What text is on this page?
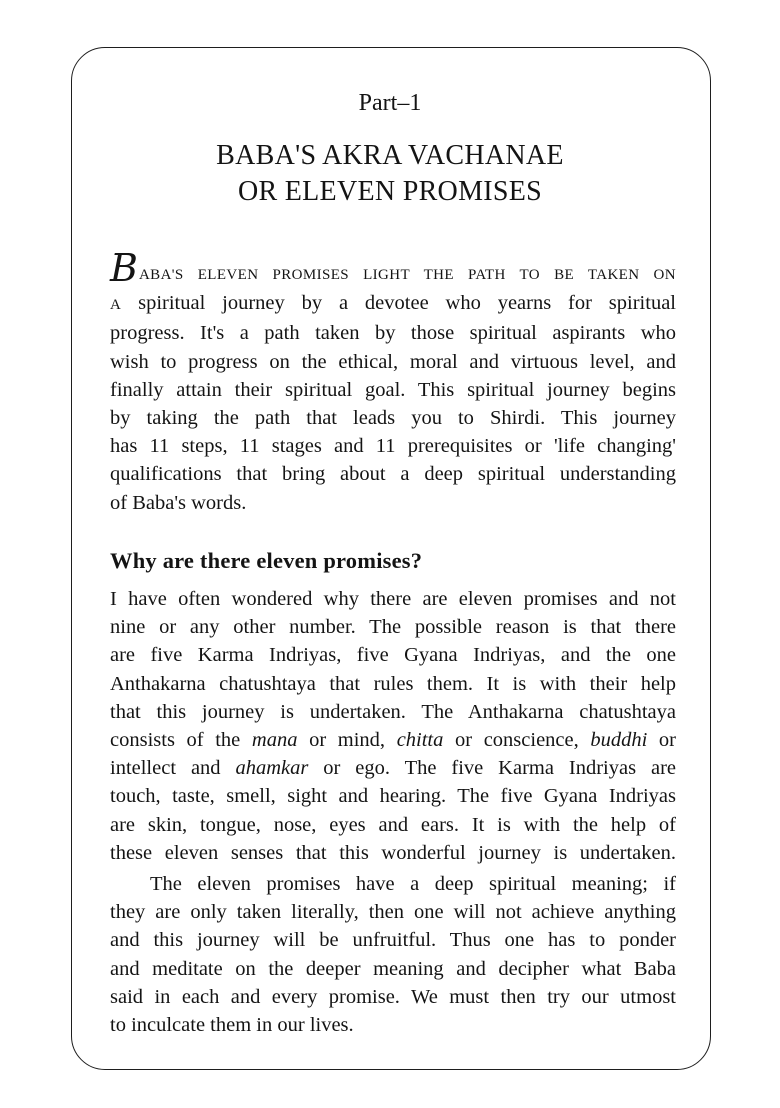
Part–1
BABA'S AKRA VACHANAE
OR ELEVEN PROMISES
BABA'S ELEVEN PROMISES LIGHT THE PATH TO BE TAKEN ON
A spiritual journey by a devotee who yearns for spiritual
progress. It's a path taken by those spiritual aspirants who
wish to progress on the ethical, moral and virtuous level, and
finally attain their spiritual goal. This spiritual journey begins
by taking the path that leads you to Shirdi. This journey
has 11 steps, 11 stages and 11 prerequisites or 'life changing'
qualifications that bring about a deep spiritual understanding
of Baba's words.
Why are there eleven promises?
I have often wondered why there are eleven promises and not
nine or any other number. The possible reason is that there
are five Karma Indriyas, five Gyana Indriyas, and the one
Anthakarna chatushtaya that rules them. It is with their help
that this journey is undertaken. The Anthakarna chatushtaya
consists of the mana or mind, chitta or conscience, buddhi or
intellect and ahamkar or ego. The five Karma Indriyas are
touch, taste, smell, sight and hearing. The five Gyana Indriyas
are skin, tongue, nose, eyes and ears. It is with the help of
these eleven senses that this wonderful journey is undertaken.
The eleven promises have a deep spiritual meaning; if
they are only taken literally, then one will not achieve anything
and this journey will be unfruitful. Thus one has to ponder
and meditate on the deeper meaning and decipher what Baba
said in each and every promise. We must then try our utmost
to inculcate them in our lives.
